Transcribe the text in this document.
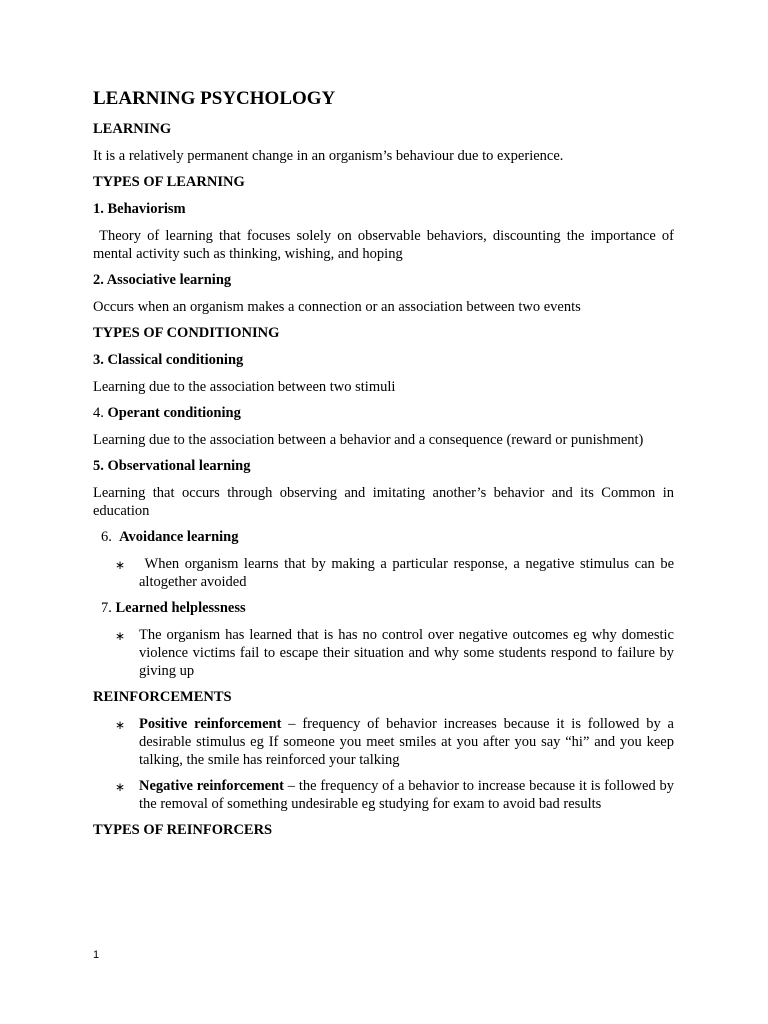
LEARNING PSYCHOLOGY
LEARNING
It is a relatively permanent change in an organism’s behaviour due to experience.
TYPES OF LEARNING
1. Behaviorism
Theory of learning that focuses solely on observable behaviors, discounting the importance of mental activity such as thinking, wishing, and hoping
2. Associative learning
Occurs when an organism makes a connection or an association between two events
TYPES OF CONDITIONING
3. Classical conditioning
Learning due to the association between two stimuli
4. Operant conditioning
Learning due to the association between a behavior and a consequence (reward or punishment)
5. Observational learning
Learning that occurs through observing and imitating another’s behavior and its Common in education
6. Avoidance learning
∗ When organism learns that by making a particular response, a negative stimulus can be altogether avoided
7. Learned helplessness
∗ The organism has learned that is has no control over negative outcomes eg why domestic violence victims fail to escape their situation and why some students respond to failure by giving up
REINFORCEMENTS
∗ Positive reinforcement – frequency of behavior increases because it is followed by a desirable stimulus eg If someone you meet smiles at you after you say “hi” and you keep talking, the smile has reinforced your talking
∗ Negative reinforcement – the frequency of a behavior to increase because it is followed by the removal of something undesirable eg studying for exam to avoid bad results
TYPES OF REINFORCERS
1
